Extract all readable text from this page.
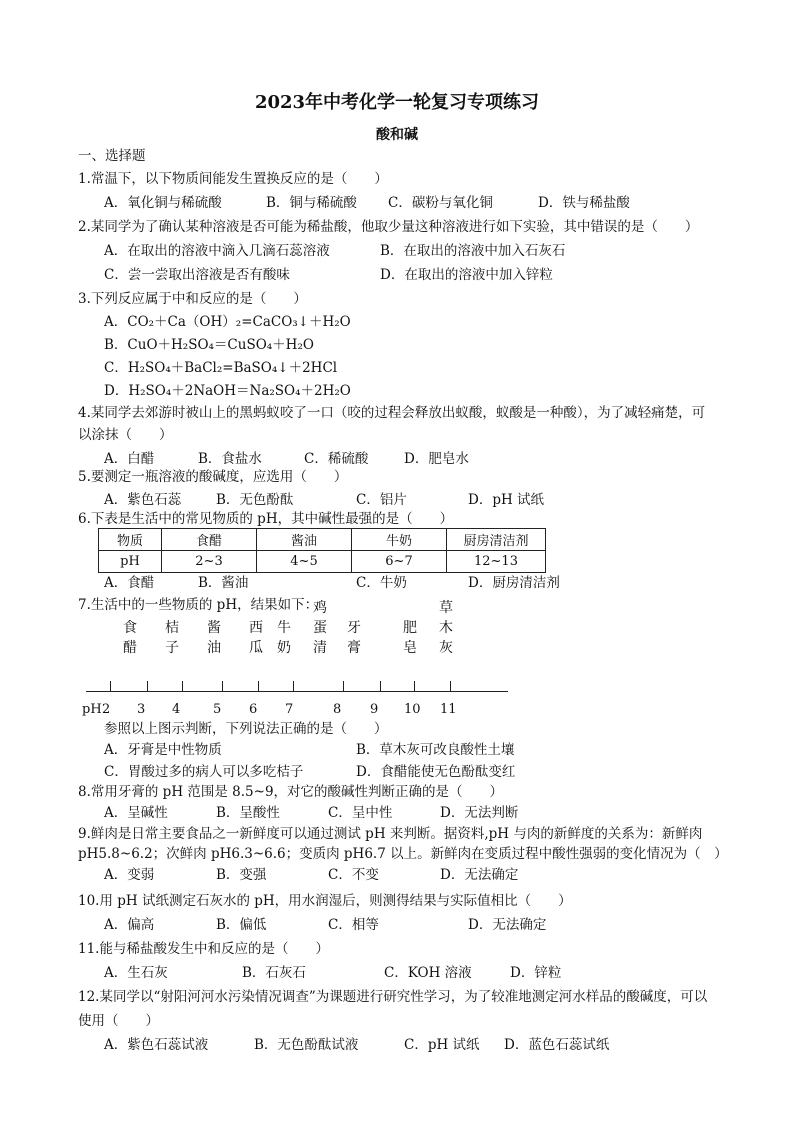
2023年中考化学一轮复习专项练习
酸和碱
一、选择题
1.常温下，以下物质间能发生置换反应的是（　　）
A．氧化铜与稀硫酸	B．铜与稀硫酸 C．碳粉与氧化铜	D．铁与稀盐酸
2.某同学为了确认某种溶液是否可能为稀盐酸，他取少量这种溶液进行如下实验，其中错误的是（　　）
A．在取出的溶液中滴入几滴石蕊溶液	B．在取出的溶液中加入石灰石
C．尝一尝取出溶液是否有酸味	D．在取出的溶液中加入锌粒
3.下列反应属于中和反应的是（　　）
A．CO₂＋Ca（OH）₂=CaCO₃↓＋H₂O
B．CuO＋H₂SO₄＝CuSO₄＋H₂O
C．H₂SO₄＋BaCl₂=BaSO₄↓＋2HCl
D．H₂SO₄＋2NaOH＝Na₂SO₄＋2H₂O
4.某同学去郊游时被山上的黑蚂蚁咬了一口（咬的过程会释放出蚁酸，蚁酸是一种酸），为了减轻痛楚，可
以涂抹（　　）
A．白醋	B．食盐水	C．稀硫酸	D．肥皂水
5.要测定一瓶溶液的酸碱度，应选用（　　）
A．紫色石蕊	B．无色酚酞	C．铝片	D．pH 试纸
6.下表是生活中的常见物质的 pH，其中碱性最强的是（　　）
物质	食醋	酱油	牛奶	厨房清洁剂
pH	2~3	4~5	6~7	12~13
A．食醋	B．酱油	C．牛奶	D．厨房清洁剂
7.生活中的一些物质的 pH，结果如下：
pH 2 3 4	5 6 7	8 9 10 11
食
醋
桔
子
酱
油
西
瓜
牛
奶
鸡
蛋
清
牙
膏
肥
皂
草
木
灰
参照以上图示判断，下列说法正确的是（　　）
A．牙膏是中性物质	B．草木灰可改良酸性土壤
C．胃酸过多的病人可以多吃桔子	D．食醋能使无色酚酞变红
8.常用牙膏的 pH 范围是 8.5~9，对它的酸碱性判断正确的是（　　）
A．呈碱性	B．呈酸性	C．呈中性	D．无法判断
9.鲜肉是日常主要食品之一新鲜度可以通过测试 pH 来判断。据资料,pH 与肉的新鲜度的关系为：新鲜肉
pH5.8~6.2；次鲜肉 pH6.3~6.6；变质肉 pH6.7 以上。新鲜肉在变质过程中酸性强弱的变化情况为（　）
A．变弱	B．变强	C．不变	D．无法确定
10.用 pH 试纸测定石灰水的 pH，用水润湿后，则测得结果与实际值相比（　　）
A．偏高	B．偏低	C．相等	D．无法确定
11.能与稀盐酸发生中和反应的是（　　）
A．生石灰	B．石灰石	C．KOH 溶液	D．锌粒
12.某同学以“射阳河河水污染情况调查”为课题进行研究性学习，为了较准地测定河水样品的酸碱度，可以
使用（　　）
A．紫色石蕊试液	B．无色酚酞试液	C．pH 试纸 D．蓝色石蕊试纸
